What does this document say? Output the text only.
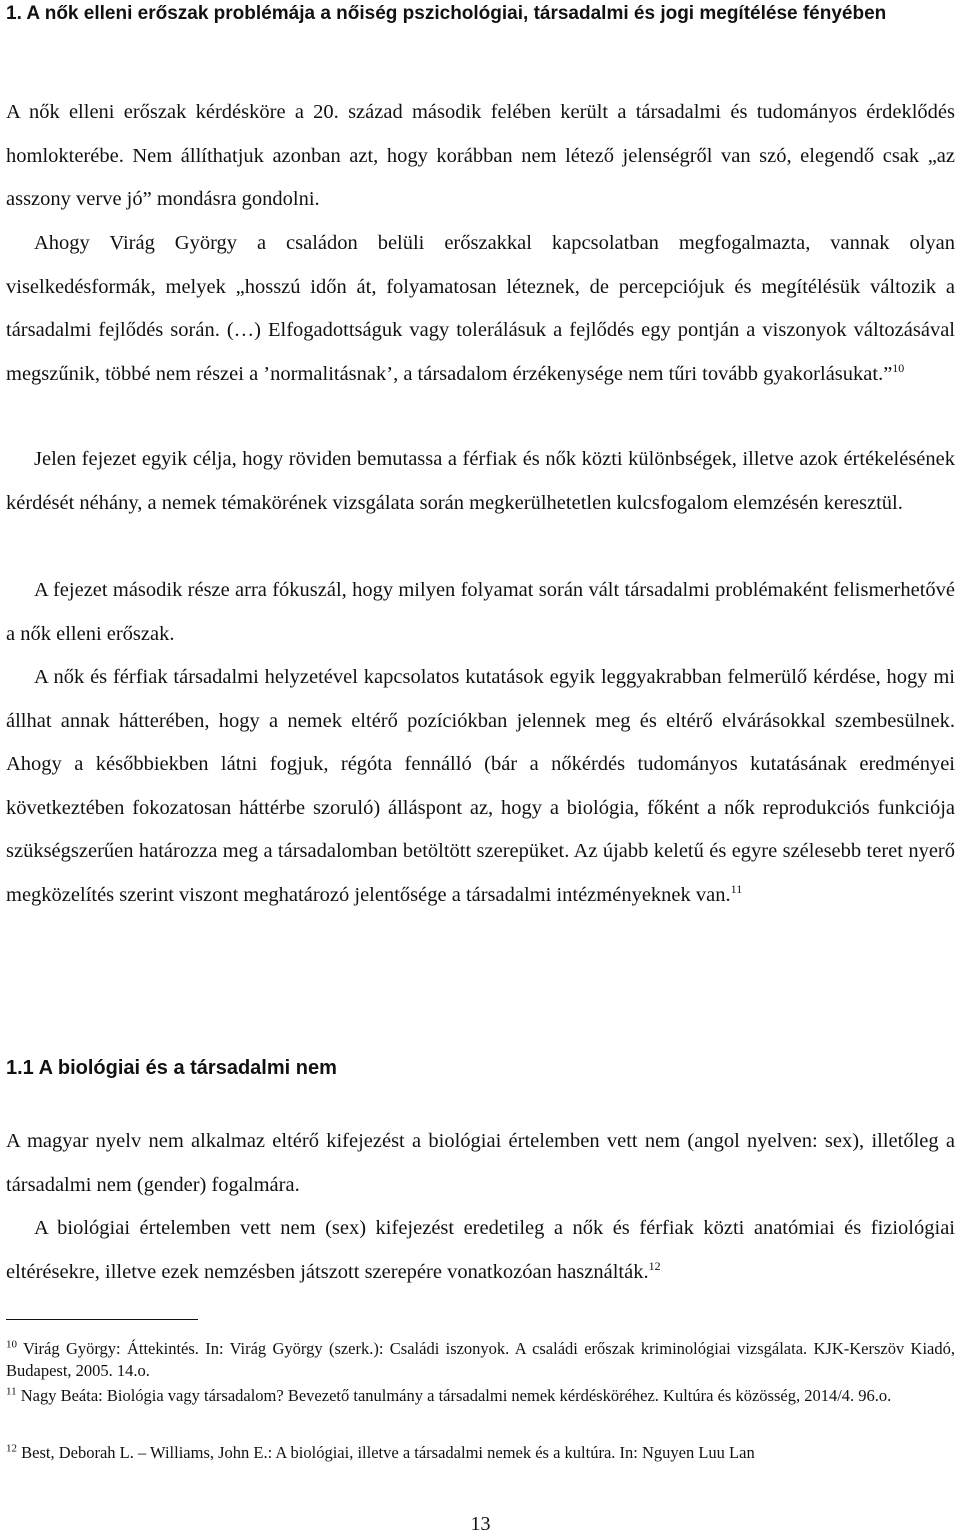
1. A nők elleni erőszak problémája a nőiség pszichológiai, társadalmi és jogi megítélése fényében

A nők elleni erőszak kérdésköre a 20. század második felében került a társadalmi és tudományos érdeklődés homlokterébe. Nem állíthatjuk azonban azt, hogy korábban nem létező jelenségről van szó, elegendő csak „az asszony verve jó” mondásra gondolni.

Ahogy Virág György a családon belüli erőszakkal kapcsolatban megfogalmazta, vannak olyan viselkedésformák, melyek „hosszú időn át, folyamatosan léteznek, de percepciójuk és megítélésük változik a társadalmi fejlődés során. (…) Elfogadottságuk vagy tolerálásuk a fejlődés egy pontján a viszonyok változásával megszűnik, többé nem részei a ’normalitásnak’, a társadalom érzékenysége nem tűri tovább gyakorlásukat.”$^{10}$

Jelen fejezet egyik célja, hogy röviden bemutassa a férfiak és nők közti különbségek, illetve azok értékelésének kérdését néhány, a nemek témakörének vizsgálata során megkerülhetetlen kulcsfogalom elemzésén keresztül.

A fejezet második része arra fókuszál, hogy milyen folyamat során vált társadalmi problémaként felismerhetővé a nők elleni erőszak.

A nők és férfiak társadalmi helyzetével kapcsolatos kutatások egyik leggyakrabban felmerülő kérdése, hogy mi állhat annak hátterében, hogy a nemek eltérő pozíciókban jelennek meg és eltérő elvárásokkal szembesülnek. Ahogy a későbbiekben látni fogjuk, régóta fennálló (bár a nőkérdés tudományos kutatásának eredményei következtében fokozatosan háttérbe szoruló) álláspont az, hogy a biológia, főként a nők reprodukciós funkciója szükségszerűen határozza meg a társadalomban betöltött szerepüket. Az újabb keletű és egyre szélesebb teret nyerő megközelítés szerint viszont meghatározó jelentősége a társadalmi intézményeknek van.$^{11}$

1.1 A biológiai és a társadalmi nem

A magyar nyelv nem alkalmaz eltérő kifejezést a biológiai értelemben vett nem (angol nyelven: sex), illetőleg a társadalmi nem (gender) fogalmára.

A biológiai értelemben vett nem (sex) kifejezést eredetileg a nők és férfiak közti anatómiai és fiziológiai eltérésekre, illetve ezek nemzésben játszott szerepére vonatkozóan használták.$^{12}$

$^{10}$ Virág György: Áttekintés. In: Virág György (szerk.): Családi iszonyok. A családi erőszak kriminológiai vizsgálata. KJK-Kerszöv Kiadó, Budapest, 2005. 14.o.

$^{11}$ Nagy Beáta: Biológia vagy társadalom? Bevezető tanulmány a társadalmi nemek kérdésköréhez. Kultúra és közösség, 2014/4. 96.o.

$^{12}$ Best, Deborah L. – Williams, John E.: A biológiai, illetve a társadalmi nemek és a kultúra. In: Nguyen Luu Lan

13
